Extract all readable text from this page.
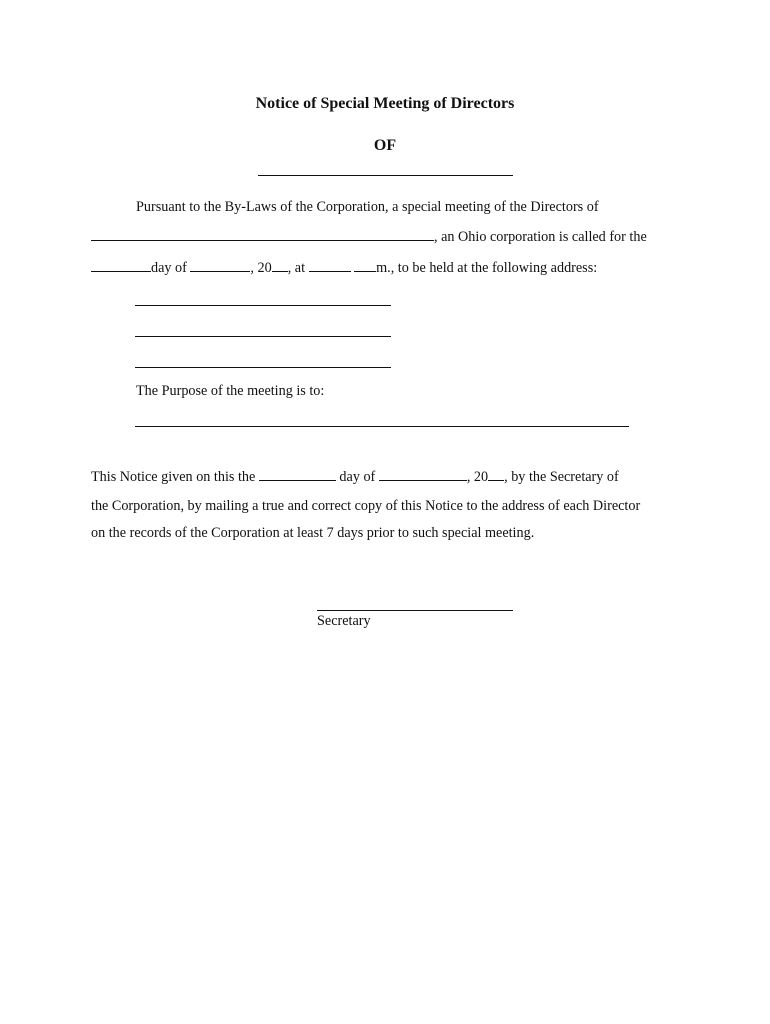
Notice of Special Meeting of Directors
OF

Pursuant to the By-Laws of the Corporation, a special meeting of the Directors of

, an Ohio corporation is called for the

day of	, 20 , at	m., to be held at the following address:

The Purpose of the meeting is to:

This Notice given on this the	day of	, 20 , by the Secretary of

the Corporation, by mailing a true and correct copy of this Notice to the address of each Director

on the records of the Corporation at least 7 days prior to such special meeting.

Secretary
